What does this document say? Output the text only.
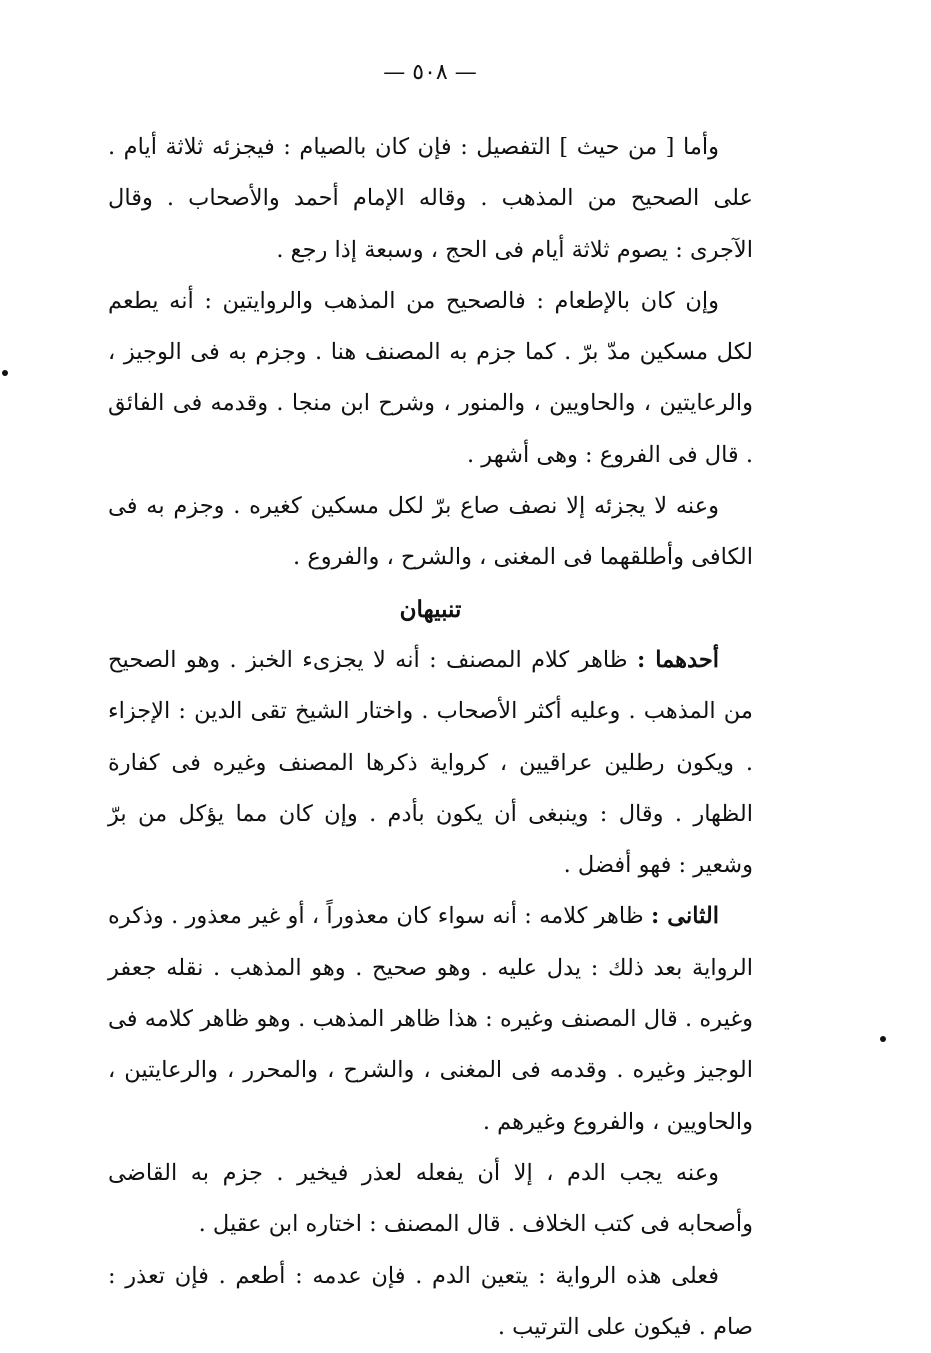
— ٥٠٨ —

وأما [ من حيث ] التفصيل : فإن كان بالصيام : فيجزئه ثلاثة أيام . على الصحيح من المذهب . وقاله الإمام أحمد والأصحاب . وقال الآجرى : يصوم ثلاثة أيام فى الحج ، وسبعة إذا رجع .

وإن كان بالإطعام : فالصحيح من المذهب والروايتين : أنه يطعم لكل مسكين مدّ برّ . كما جزم به المصنف هنا . وجزم به فى الوجيز ، والرعايتين ، والحاويين ، والمنور ، وشرح ابن منجا . وقدمه فى الفائق . قال فى الفروع : وهى أشهر .

وعنه لا يجزئه إلا نصف صاع برّ لكل مسكين كغيره . وجزم به فى الكافى وأطلقهما فى المغنى ، والشرح ، والفروع .

تنبيهان

أحدهما : ظاهر كلام المصنف : أنه لا يجزىء الخبز . وهو الصحيح من المذهب . وعليه أكثر الأصحاب . واختار الشيخ تقى الدين : الإجزاء . ويكون رطلين عراقيين ، كرواية ذكرها المصنف وغيره فى كفارة الظهار . وقال : وينبغى أن يكون بأدم . وإن كان مما يؤكل من برّ وشعير : فهو أفضل .

الثانى : ظاهر كلامه : أنه سواء كان معذوراً ، أو غير معذور . وذكره الرواية بعد ذلك : يدل عليه . وهو صحيح . وهو المذهب . نقله جعفر وغيره . قال المصنف وغيره : هذا ظاهر المذهب . وهو ظاهر كلامه فى الوجيز وغيره . وقدمه فى المغنى ، والشرح ، والمحرر ، والرعايتين ، والحاويين ، والفروع وغيرهم .

وعنه يجب الدم ، إلا أن يفعله لعذر فيخير . جزم به القاضى وأصحابه فى كتب الخلاف . قال المصنف : اختاره ابن عقيل .

فعلى هذه الرواية : يتعين الدم . فإن عدمه : أطعم . فإن تعذر : صام . فيكون على الترتيب .
